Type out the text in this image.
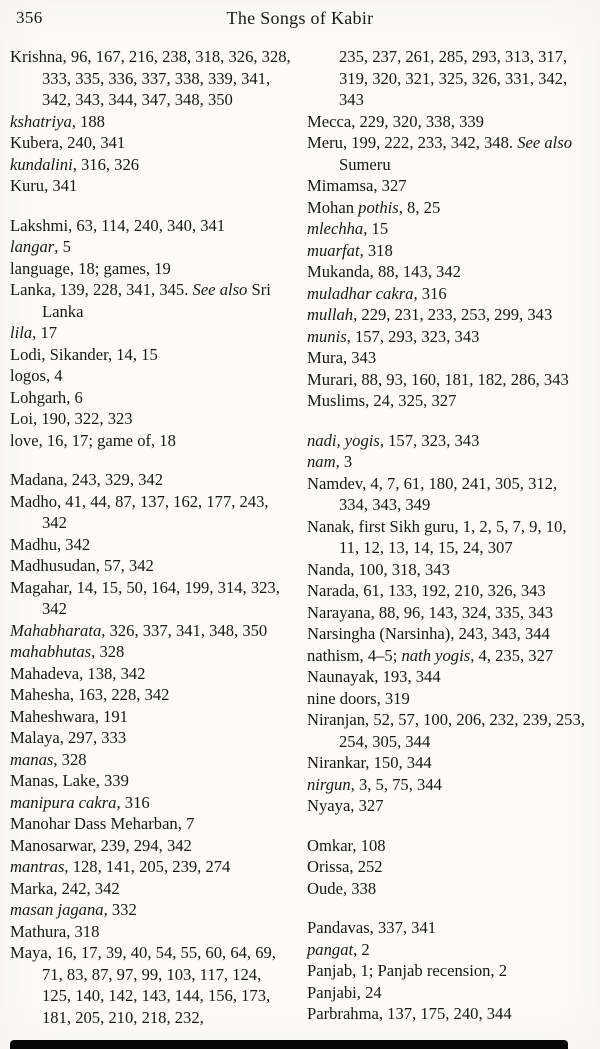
356	The Songs of Kabir
Krishna, 96, 167, 216, 238, 318, 326, 328, 333, 335, 336, 337, 338, 339, 341, 342, 343, 344, 347, 348, 350
kshatriya, 188
Kubera, 240, 341
kundalini, 316, 326
Kuru, 341
Lakshmi, 63, 114, 240, 340, 341
langar, 5
language, 18; games, 19
Lanka, 139, 228, 341, 345. See also Sri Lanka
lila, 17
Lodi, Sikander, 14, 15
logos, 4
Lohgarh, 6
Loi, 190, 322, 323
love, 16, 17; game of, 18
Madana, 243, 329, 342
Madho, 41, 44, 87, 137, 162, 177, 243, 342
Madhu, 342
Madhusudan, 57, 342
Magahar, 14, 15, 50, 164, 199, 314, 323, 342
Mahabharata, 326, 337, 341, 348, 350
mahabhutas, 328
Mahadeva, 138, 342
Mahesha, 163, 228, 342
Maheshwara, 191
Malaya, 297, 333
manas, 328
Manas, Lake, 339
manipura cakra, 316
Manohar Dass Meharban, 7
Manosarwar, 239, 294, 342
mantras, 128, 141, 205, 239, 274
Marka, 242, 342
masan jagana, 332
Mathura, 318
Maya, 16, 17, 39, 40, 54, 55, 60, 64, 69, 71, 83, 87, 97, 99, 103, 117, 124, 125, 140, 142, 143, 144, 156, 173, 181, 205, 210, 218, 232,
235, 237, 261, 285, 293, 313, 317, 319, 320, 321, 325, 326, 331, 342, 343
Mecca, 229, 320, 338, 339
Meru, 199, 222, 233, 342, 348. See also Sumeru
Mimamsa, 327
Mohan pothis, 8, 25
mlechha, 15
muarfat, 318
Mukanda, 88, 143, 342
muladhar cakra, 316
mullah, 229, 231, 233, 253, 299, 343
munis, 157, 293, 323, 343
Mura, 343
Murari, 88, 93, 160, 181, 182, 286, 343
Muslims, 24, 325, 327
nadi, yogis, 157, 323, 343
nam, 3
Namdev, 4, 7, 61, 180, 241, 305, 312, 334, 343, 349
Nanak, first Sikh guru, 1, 2, 5, 7, 9, 10, 11, 12, 13, 14, 15, 24, 307
Nanda, 100, 318, 343
Narada, 61, 133, 192, 210, 326, 343
Narayana, 88, 96, 143, 324, 335, 343
Narsingha (Narsinha), 243, 343, 344
nathism, 4–5; nath yogis, 4, 235, 327
Naunayak, 193, 344
nine doors, 319
Niranjan, 52, 57, 100, 206, 232, 239, 253, 254, 305, 344
Nirankar, 150, 344
nirgun, 3, 5, 75, 344
Nyaya, 327
Omkar, 108
Orissa, 252
Oude, 338
Pandavas, 337, 341
pangat, 2
Panjab, 1; Panjab recension, 2
Panjabi, 24
Parbrahma, 137, 175, 240, 344
